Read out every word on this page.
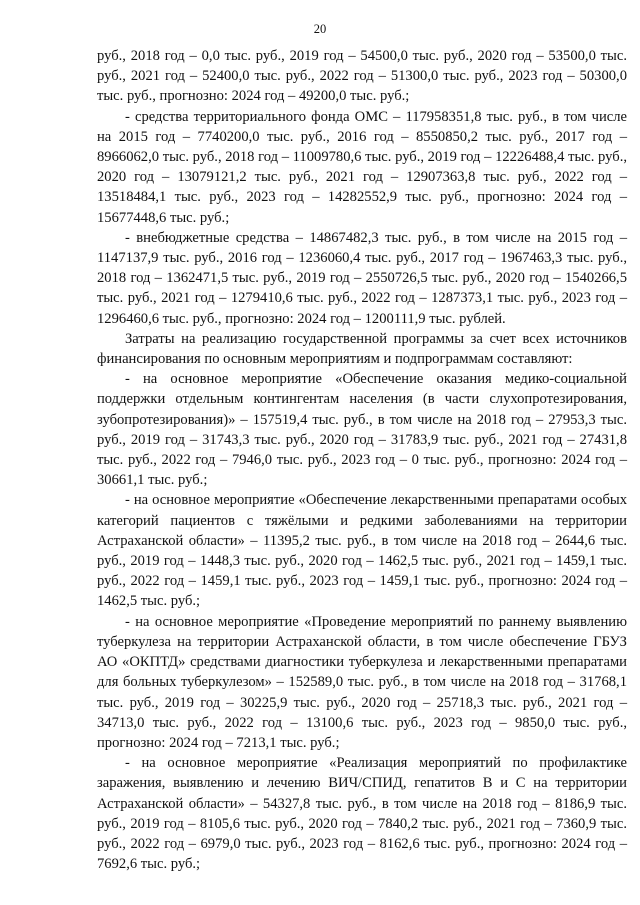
20

руб., 2018 год – 0,0 тыс. руб., 2019 год – 54500,0 тыс. руб., 2020 год – 53500,0 тыс. руб., 2021 год – 52400,0 тыс. руб., 2022 год – 51300,0 тыс. руб., 2023 год – 50300,0 тыс. руб., прогнозно: 2024 год – 49200,0 тыс. руб.;

- средства территориального фонда ОМС – 117958351,8 тыс. руб., в том числе на 2015 год – 7740200,0 тыс. руб., 2016 год – 8550850,2 тыс. руб., 2017 год – 8966062,0 тыс. руб., 2018 год – 11009780,6 тыс. руб., 2019 год – 12226488,4 тыс. руб., 2020 год – 13079121,2 тыс. руб., 2021 год – 12907363,8 тыс. руб., 2022 год – 13518484,1 тыс. руб., 2023 год – 14282552,9 тыс. руб., прогнозно: 2024 год – 15677448,6 тыс. руб.;

- внебюджетные средства – 14867482,3 тыс. руб., в том числе на 2015 год – 1147137,9 тыс. руб., 2016 год – 1236060,4 тыс. руб., 2017 год – 1967463,3 тыс. руб., 2018 год – 1362471,5 тыс. руб., 2019 год – 2550726,5 тыс. руб., 2020 год – 1540266,5 тыс. руб., 2021 год – 1279410,6 тыс. руб., 2022 год – 1287373,1 тыс. руб., 2023 год – 1296460,6 тыс. руб., прогнозно: 2024 год – 1200111,9 тыс. рублей.

Затраты на реализацию государственной программы за счет всех источников финансирования по основным мероприятиям и подпрограммам составляют:

- на основное мероприятие «Обеспечение оказания медико-социальной поддержки отдельным контингентам населения (в части слухопротезирования, зубопротезирования)» – 157519,4 тыс. руб., в том числе на 2018 год – 27953,3 тыс. руб., 2019 год – 31743,3 тыс. руб., 2020 год – 31783,9 тыс. руб., 2021 год – 27431,8 тыс. руб., 2022 год – 7946,0 тыс. руб., 2023 год – 0 тыс. руб., прогнозно: 2024 год – 30661,1 тыс. руб.;

- на основное мероприятие «Обеспечение лекарственными препаратами особых категорий пациентов с тяжёлыми и редкими заболеваниями на территории Астраханской области» – 11395,2 тыс. руб., в том числе на 2018 год – 2644,6 тыс. руб., 2019 год – 1448,3 тыс. руб., 2020 год – 1462,5 тыс. руб., 2021 год – 1459,1 тыс. руб., 2022 год – 1459,1 тыс. руб., 2023 год – 1459,1 тыс. руб., прогнозно: 2024 год – 1462,5 тыс. руб.;

- на основное мероприятие «Проведение мероприятий по раннему выявлению туберкулеза на территории Астраханской области, в том числе обеспечение ГБУЗ АО «ОКПТД» средствами диагностики туберкулеза и лекарственными препаратами для больных туберкулезом» – 152589,0 тыс. руб., в том числе на 2018 год – 31768,1 тыс. руб., 2019 год – 30225,9 тыс. руб., 2020 год – 25718,3 тыс. руб., 2021 год – 34713,0 тыс. руб., 2022 год – 13100,6 тыс. руб., 2023 год – 9850,0 тыс. руб., прогнозно: 2024 год – 7213,1 тыс. руб.;

- на основное мероприятие «Реализация мероприятий по профилактике заражения, выявлению и лечению ВИЧ/СПИД, гепатитов В и С на территории Астраханской области» – 54327,8 тыс. руб., в том числе на 2018 год – 8186,9 тыс. руб., 2019 год – 8105,6 тыс. руб., 2020 год – 7840,2 тыс. руб., 2021 год – 7360,9 тыс. руб., 2022 год – 6979,0 тыс. руб., 2023 год – 8162,6 тыс. руб., прогнозно: 2024 год – 7692,6 тыс. руб.;
